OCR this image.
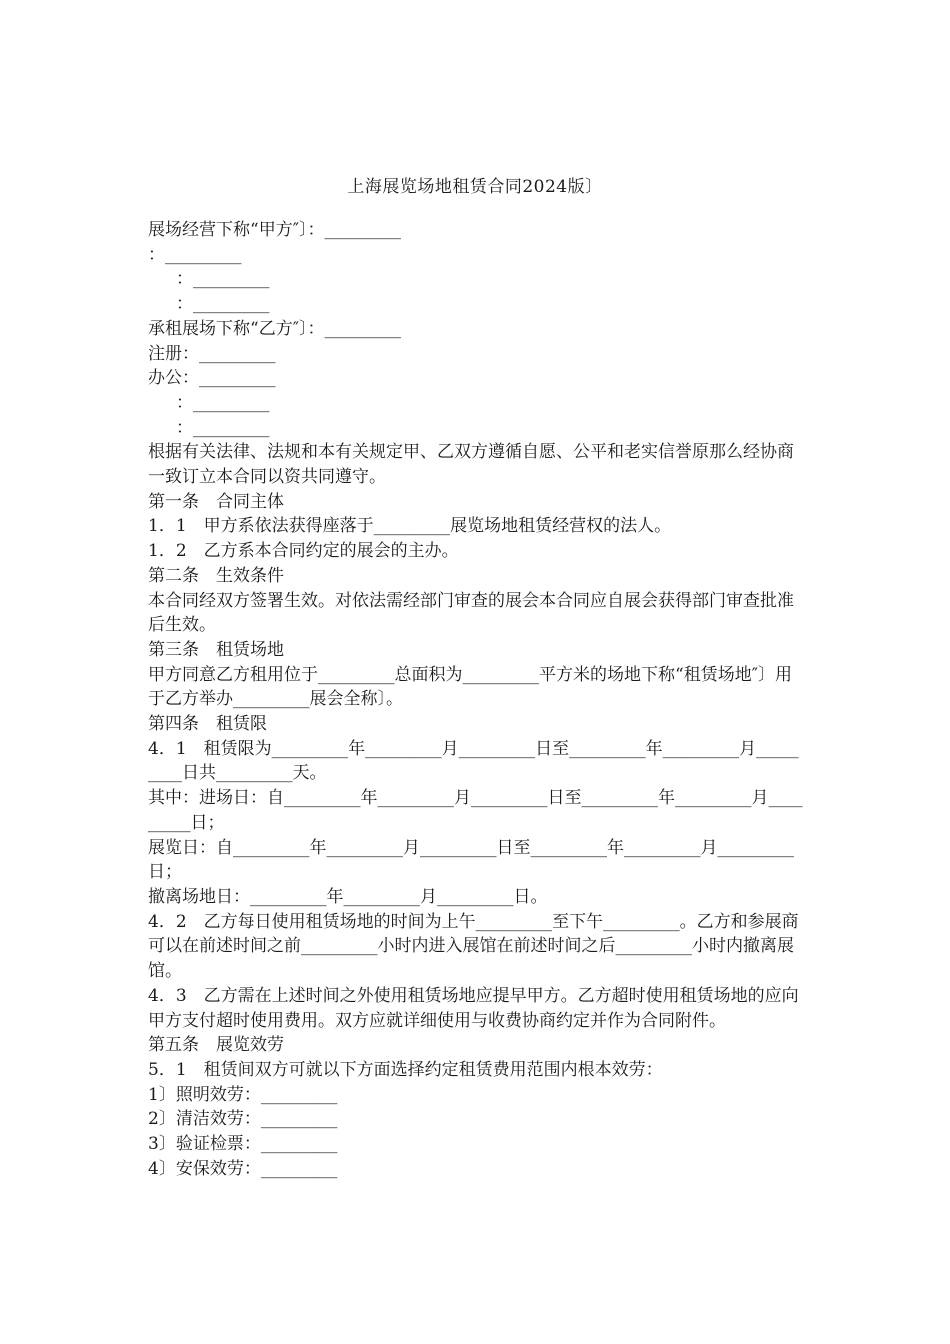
上海展览场地租赁合同2024版〕
展场经营下称“甲方″〕：_________
：_________
：_________
：_________
承租展场下称“乙方″〕：_________
注册：_________
办公：_________
：_________
：_________
根据有关法律、法规和本有关规定甲、乙双方遵循自愿、公平和老实信誉原那么经协商一致订立本合同以资共同遵守。
第一条　合同主体
1．1　甲方系依法获得座落于_________展览场地租赁经营权的法人。
1．2　乙方系本合同约定的展会的主办。
第二条　生效条件
本合同经双方签署生效。对依法需经部门审查的展会本合同应自展会获得部门审查批准后生效。
第三条　租赁场地
甲方同意乙方租用位于_________总面积为_________平方米的场地下称“租赁场地″〕用于乙方举办_________展会全称〕。
第四条　租赁限
4．1　租赁限为_________年_________月_________日至_________年_________月_________日共_________天。
其中：进场日：自_________年_________月_________日至_________年_________月_________日；
展览日：自_________年_________月_________日至_________年_________月_________日；
撤离场地日：_________年_________月_________日。
4．2　乙方每日使用租赁场地的时间为上午_________至下午_________。乙方和参展商可以在前述时间之前_________小时内进入展馆在前述时间之后_________小时内撤离展馆。
4．3　乙方需在上述时间之外使用租赁场地应提早甲方。乙方超时使用租赁场地的应向甲方支付超时使用费用。双方应就详细使用与收费协商约定并作为合同附件。
第五条　展览效劳
5．1　租赁间双方可就以下方面选择约定租赁费用范围内根本效劳：
1〕照明效劳：_________
2〕清洁效劳：_________
3〕验证检票：_________
4〕安保效劳：_________
